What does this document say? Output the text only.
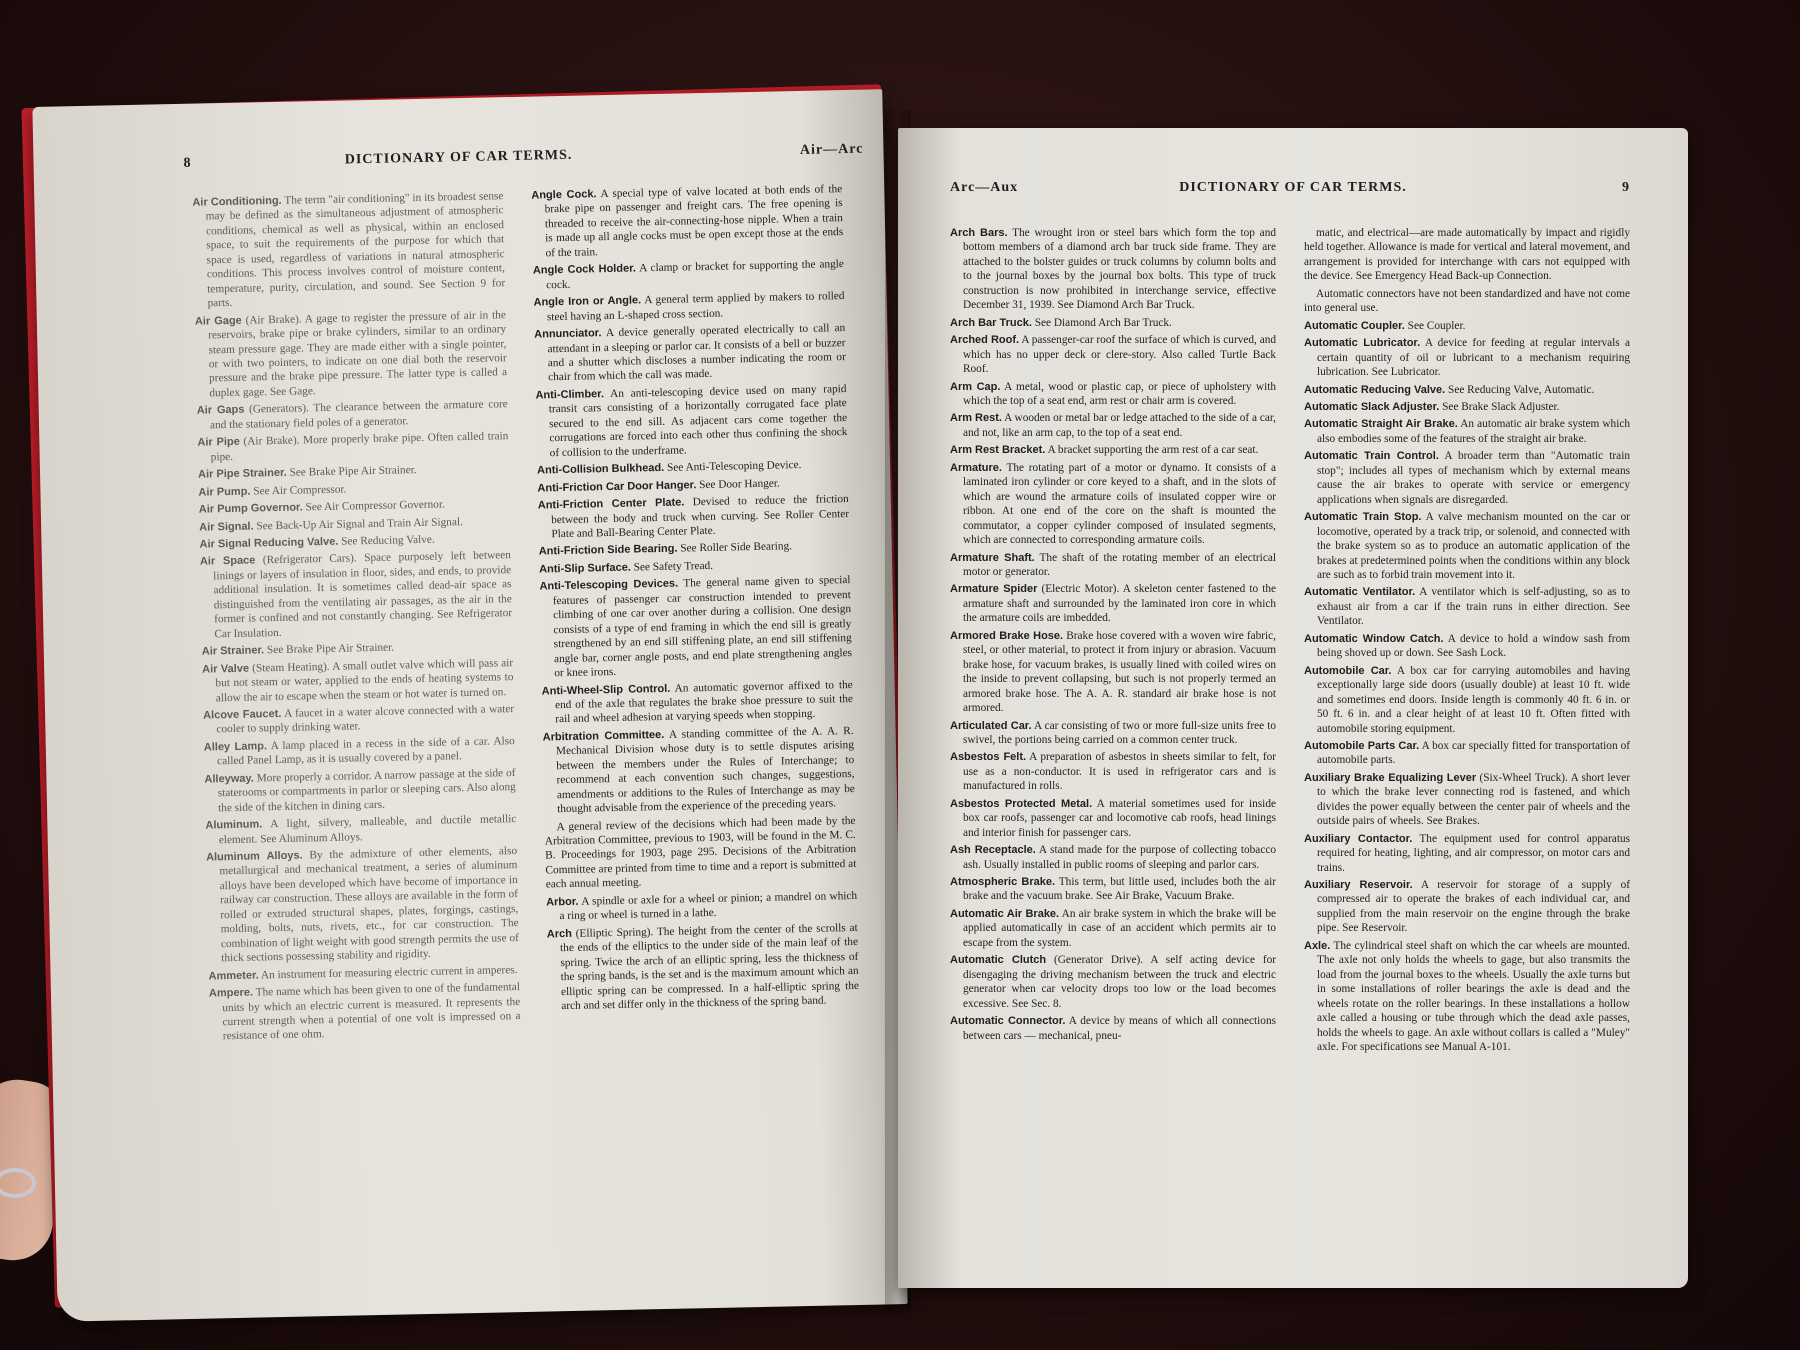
8	DICTIONARY OF CAR TERMS.	Air—Arc

Air Conditioning. The term "air conditioning" in its broadest sense may be defined as the simultaneous adjustment of atmospheric conditions, chemical as well as physical, within an enclosed space, to suit the requirements of the purpose for which that space is used, regardless of variations in natural atmospheric conditions. This process involves control of moisture content, temperature, purity, circulation, and sound. See Section 9 for parts.

Air Gage (Air Brake). A gage to register the pressure of air in the reservoirs, brake pipe or brake cylinders, similar to an ordinary steam pressure gage. They are made either with a single pointer, or with two pointers, to indicate on one dial both the reservoir pressure and the brake pipe pressure. The latter type is called a duplex gage. See Gage.

Air Gaps (Generators). The clearance between the armature core and the stationary field poles of a generator.

Air Pipe (Air Brake). More properly brake pipe. Often called train pipe.

Air Pipe Strainer. See Brake Pipe Air Strainer.

Air Pump. See Air Compressor.

Air Pump Governor. See Air Compressor Governor.

Air Signal. See Back-Up Air Signal and Train Air Signal.

Air Signal Reducing Valve. See Reducing Valve.

Air Space (Refrigerator Cars). Space purposely left between linings or layers of insulation in floor, sides, and ends, to provide additional insulation. It is sometimes called dead-air space as distinguished from the ventilating air passages, as the air in the former is confined and not constantly changing. See Refrigerator Car Insulation.

Air Strainer. See Brake Pipe Air Strainer.

Air Valve (Steam Heating). A small outlet valve which will pass air but not steam or water, applied to the ends of heating systems to allow the air to escape when the steam or hot water is turned on.

Alcove Faucet. A faucet in a water alcove connected with a water cooler to supply drinking water.

Alley Lamp. A lamp placed in a recess in the side of a car. Also called Panel Lamp, as it is usually covered by a panel.

Alleyway. More properly a corridor. A narrow passage at the side of staterooms or compartments in parlor or sleeping cars. Also along the side of the kitchen in dining cars.

Aluminum. A light, silvery, malleable, and ductile metallic element. See Aluminum Alloys.

Aluminum Alloys. By the admixture of other elements, also metallurgical and mechanical treatment, a series of aluminum alloys have been developed which have become of importance in railway car construction. These alloys are available in the form of rolled or extruded structural shapes, plates, forgings, castings, molding, bolts, nuts, rivets, etc., for car construction. The combination of light weight with good strength permits the use of thick sections possessing stability and rigidity.

Ammeter. An instrument for measuring electric current in amperes.

Ampere. The name which has been given to one of the fundamental units by which an electric current is measured. It represents the current strength when a potential of one volt is impressed on a resistance of one ohm.

Angle Cock. A special type of valve located at both ends of the brake pipe on passenger and freight cars. The free opening is threaded to receive the air-connecting-hose nipple. When a train is made up all angle cocks must be open except those at the ends of the train.

Angle Cock Holder. A clamp or bracket for supporting the angle cock.

Angle Iron or Angle. A general term applied by makers to rolled steel having an L-shaped cross section.

Annunciator. A device generally operated electrically to call an attendant in a sleeping or parlor car. It consists of a bell or buzzer and a shutter which discloses a number indicating the room or chair from which the call was made.

Anti-Climber. An anti-telescoping device used on many rapid transit cars consisting of a horizontally corrugated face plate secured to the end sill. As adjacent cars come together the corrugations are forced into each other thus confining the shock of collision to the underframe.

Anti-Collision Bulkhead. See Anti-Telescoping Device.

Anti-Friction Car Door Hanger. See Door Hanger.

Anti-Friction Center Plate. Devised to reduce the friction between the body and truck when curving. See Roller Center Plate and Ball-Bearing Center Plate.

Anti-Friction Side Bearing. See Roller Side Bearing.

Anti-Slip Surface. See Safety Tread.

Anti-Telescoping Devices. The general name given to special features of passenger car construction intended to prevent climbing of one car over another during a collision. One design consists of a type of end framing in which the end sill is greatly strengthened by an end sill stiffening plate, an end sill stiffening angle bar, corner angle posts, and end plate strengthening angles or knee irons.

Anti-Wheel-Slip Control. An automatic governor affixed to the end of the axle that regulates the brake shoe pressure to suit the rail and wheel adhesion at varying speeds when stopping.

Arbitration Committee. A standing committee of the A. A. R. Mechanical Division whose duty is to settle disputes arising between the members under the Rules of Interchange; to recommend at each convention such changes, suggestions, amendments or additions to the Rules of Interchange as may be thought advisable from the experience of the preceding years.

A general review of the decisions which had been made by the Arbitration Committee, previous to 1903, will be found in the M. C. B. Proceedings for 1903, page 295. Decisions of the Arbitration Committee are printed from time to time and a report is submitted at each annual meeting.

Arbor. A spindle or axle for a wheel or pinion; a mandrel on which a ring or wheel is turned in a lathe.

Arch (Elliptic Spring). The height from the center of the scrolls at the ends of the elliptics to the under side of the main leaf of the spring. Twice the arch of an elliptic spring, less the thickness of the spring bands, is the set and is the maximum amount which an elliptic spring can be compressed. In a half-elliptic spring the arch and set differ only in the thickness of the spring band.

Arc—Aux	DICTIONARY OF CAR TERMS.	9

Arch Bars. The wrought iron or steel bars which form the top and bottom members of a diamond arch bar truck side frame. They are attached to the bolster guides or truck columns by column bolts and to the journal boxes by the journal box bolts. This type of truck construction is now prohibited in interchange service, effective December 31, 1939. See Diamond Arch Bar Truck.

Arch Bar Truck. See Diamond Arch Bar Truck.

Arched Roof. A passenger-car roof the surface of which is curved, and which has no upper deck or clere-story. Also called Turtle Back Roof.

Arm Cap. A metal, wood or plastic cap, or piece of upholstery with which the top of a seat end, arm rest or chair arm is covered.

Arm Rest. A wooden or metal bar or ledge attached to the side of a car, and not, like an arm cap, to the top of a seat end.

Arm Rest Bracket. A bracket supporting the arm rest of a car seat.

Armature. The rotating part of a motor or dynamo. It consists of a laminated iron cylinder or core keyed to a shaft, and in the slots of which are wound the armature coils of insulated copper wire or ribbon. At one end of the core on the shaft is mounted the commutator, a copper cylinder composed of insulated segments, which are connected to corresponding armature coils.

Armature Shaft. The shaft of the rotating member of an electrical motor or generator.

Armature Spider (Electric Motor). A skeleton center fastened to the armature shaft and surrounded by the laminated iron core in which the armature coils are imbedded.

Armored Brake Hose. Brake hose covered with a woven wire fabric, steel, or other material, to protect it from injury or abrasion. Vacuum brake hose, for vacuum brakes, is usually lined with coiled wires on the inside to prevent collapsing, but such is not properly termed an armored brake hose. The A. A. R. standard air brake hose is not armored.

Articulated Car. A car consisting of two or more full-size units free to swivel, the portions being carried on a common center truck.

Asbestos Felt. A preparation of asbestos in sheets similar to felt, for use as a non-conductor. It is used in refrigerator cars and is manufactured in rolls.

Asbestos Protected Metal. A material sometimes used for inside box car roofs, passenger car and locomotive cab roofs, head linings and interior finish for passenger cars.

Ash Receptacle. A stand made for the purpose of collecting tobacco ash. Usually installed in public rooms of sleeping and parlor cars.

Atmospheric Brake. This term, but little used, includes both the air brake and the vacuum brake. See Air Brake, Vacuum Brake.

Automatic Air Brake. An air brake system in which the brake will be applied automatically in case of an accident which permits air to escape from the system.

Automatic Clutch (Generator Drive). A self acting device for disengaging the driving mechanism between the truck and electric generator when car velocity drops too low or the load becomes excessive. See Sec. 8.

Automatic Connector. A device by means of which all connections between cars — mechanical, pneu-

matic, and electrical—are made automatically by impact and rigidly held together. Allowance is made for vertical and lateral movement, and arrangement is provided for interchange with cars not equipped with the device. See Emergency Head Back-up Connection.

Automatic connectors have not been standardized and have not come into general use.

Automatic Coupler. See Coupler.

Automatic Lubricator. A device for feeding at regular intervals a certain quantity of oil or lubricant to a mechanism requiring lubrication. See Lubricator.

Automatic Reducing Valve. See Reducing Valve, Automatic.

Automatic Slack Adjuster. See Brake Slack Adjuster.

Automatic Straight Air Brake. An automatic air brake system which also embodies some of the features of the straight air brake.

Automatic Train Control. A broader term than "Automatic train stop"; includes all types of mechanism which by external means cause the air brakes to operate with service or emergency applications when signals are disregarded.

Automatic Train Stop. A valve mechanism mounted on the car or locomotive, operated by a track trip, or solenoid, and connected with the brake system so as to produce an automatic application of the brakes at predetermined points when the conditions within any block are such as to forbid train movement into it.

Automatic Ventilator. A ventilator which is self-adjusting, so as to exhaust air from a car if the train runs in either direction. See Ventilator.

Automatic Window Catch. A device to hold a window sash from being shoved up or down. See Sash Lock.

Automobile Car. A box car for carrying automobiles and having exceptionally large side doors (usually double) at least 10 ft. wide and sometimes end doors. Inside length is commonly 40 ft. 6 in. or 50 ft. 6 in. and a clear height of at least 10 ft. Often fitted with automobile storing equipment.

Automobile Parts Car. A box car specially fitted for transportation of automobile parts.

Auxiliary Brake Equalizing Lever (Six-Wheel Truck). A short lever to which the brake lever connecting rod is fastened, and which divides the power equally between the center pair of wheels and the outside pairs of wheels. See Brakes.

Auxiliary Contactor. The equipment used for control apparatus required for heating, lighting, and air compressor, on motor cars and trains.

Auxiliary Reservoir. A reservoir for storage of a supply of compressed air to operate the brakes of each individual car, and supplied from the main reservoir on the engine through the brake pipe. See Reservoir.

Axle. The cylindrical steel shaft on which the car wheels are mounted. The axle not only holds the wheels to gage, but also transmits the load from the journal boxes to the wheels. Usually the axle turns but in some installations of roller bearings the axle is dead and the wheels rotate on the roller bearings. In these installations a hollow axle called a housing or tube through which the dead axle passes, holds the wheels to gage. An axle without collars is called a "Muley" axle. For specifications see Manual A-101.
